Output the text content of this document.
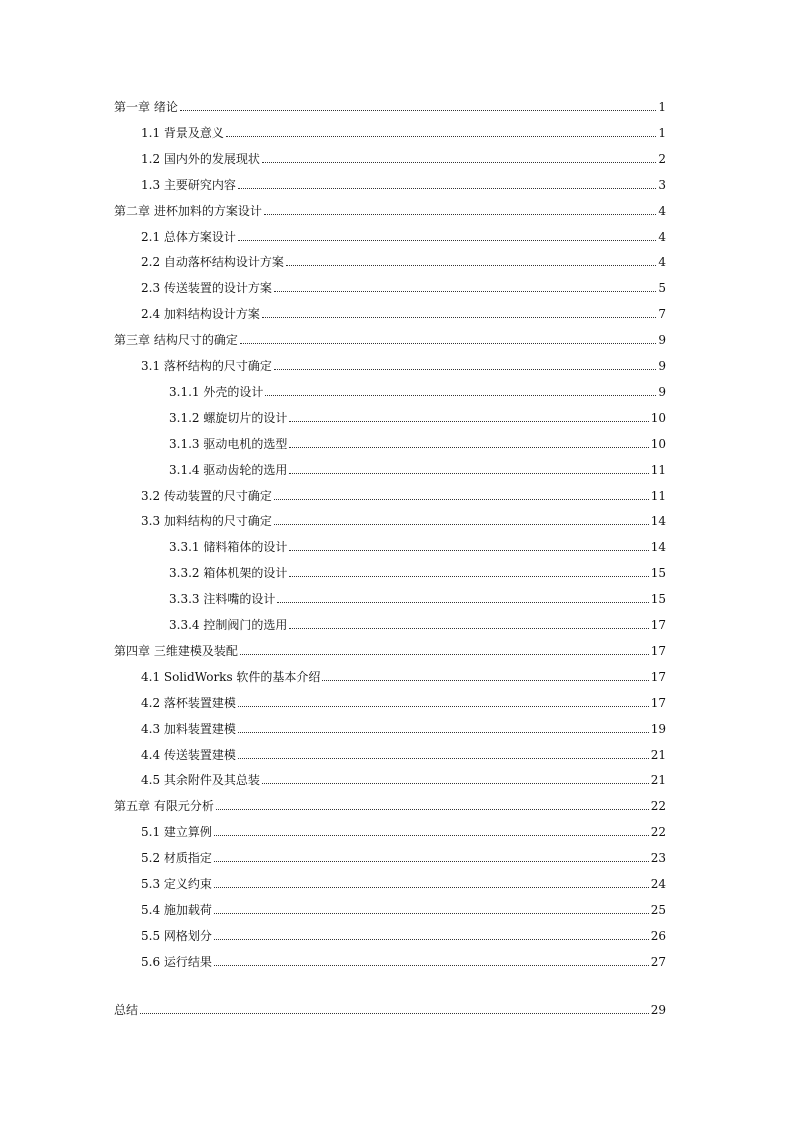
第一章 绪论	1
1.1 背景及意义	1
1.2 国内外的发展现状	2
1.3 主要研究内容	3
第二章 进杯加料的方案设计	4
2.1 总体方案设计	4
2.2 自动落杯结构设计方案	4
2.3 传送装置的设计方案	5
2.4 加料结构设计方案	7
第三章 结构尺寸的确定	9
3.1 落杯结构的尺寸确定	9
3.1.1 外壳的设计	9
3.1.2 螺旋切片的设计	10
3.1.3 驱动电机的选型	10
3.1.4 驱动齿轮的选用	11
3.2 传动装置的尺寸确定	11
3.3 加料结构的尺寸确定	14
3.3.1 储料箱体的设计	14
3.3.2 箱体机架的设计	15
3.3.3 注料嘴的设计	15
3.3.4 控制阀门的选用	17
第四章 三维建模及装配	17
4.1 SolidWorks 软件的基本介绍	17
4.2 落杯装置建模	17
4.3 加料装置建模	19
4.4 传送装置建模	21
4.5 其余附件及其总装	21
第五章 有限元分析	22
5.1 建立算例	22
5.2 材质指定	23
5.3 定义约束	24
5.4 施加载荷	25
5.5 网格划分	26
5.6 运行结果	27
总结	29
